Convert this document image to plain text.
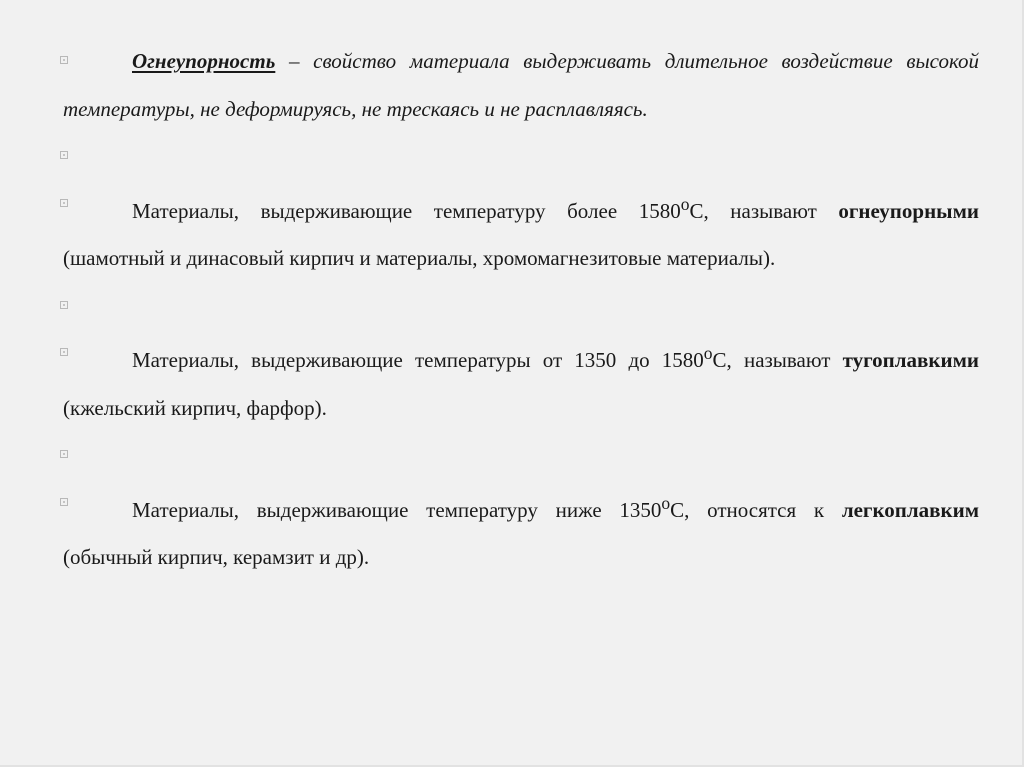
Огнеупорность – свойство материала выдерживать длительное воздействие высокой температуры, не деформируясь, не трескаясь и не расплавляясь.

Материалы, выдерживающие температуру более $1580^оС$, называют огнеупорными (шамотный и динасовый кирпич и материалы, хромомагнезитовые материалы).

Материалы, выдерживающие температуры от 1350 до $1580^оС$, называют тугоплавкими (кжельский кирпич, фарфор).

Материалы, выдерживающие температуру ниже $1350^оС$, относятся к легкоплавким (обычный кирпич, керамзит и др).
